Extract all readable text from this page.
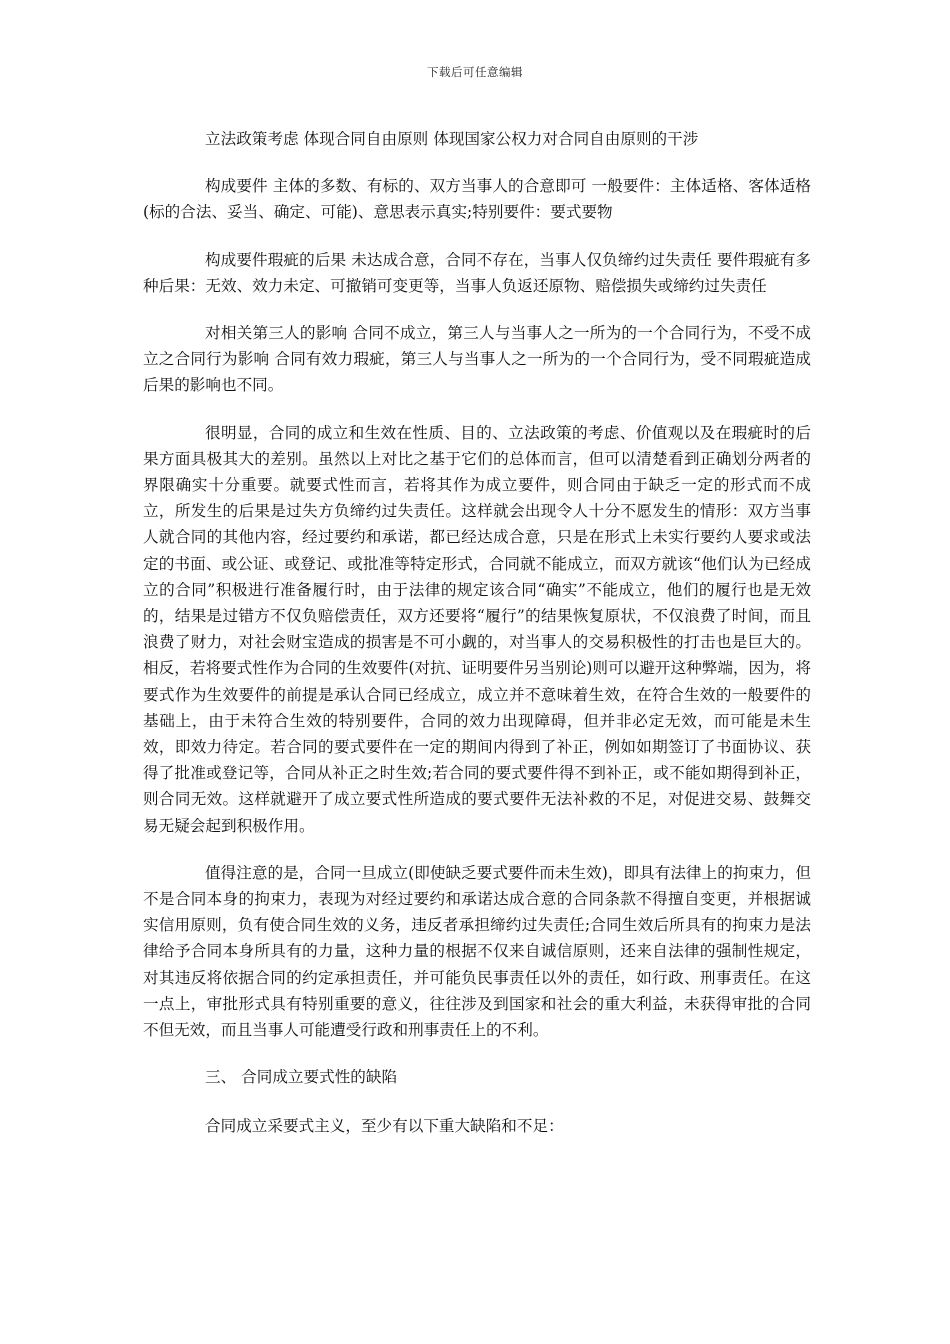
下载后可任意编辑

立法政策考虑 体现合同自由原则 体现国家公权力对合同自由原则的干涉

构成要件 主体的多数、有标的、双方当事人的合意即可 一般要件：主体适格、客体适格(标的合法、妥当、确定、可能)、意思表示真实;特别要件：要式要物

构成要件瑕疵的后果 未达成合意，合同不存在，当事人仅负缔约过失责任 要件瑕疵有多种后果：无效、效力未定、可撤销可变更等，当事人负返还原物、赔偿损失或缔约过失责任

对相关第三人的影响 合同不成立，第三人与当事人之一所为的一个合同行为，不受不成立之合同行为影响 合同有效力瑕疵，第三人与当事人之一所为的一个合同行为，受不同瑕疵造成后果的影响也不同。

很明显，合同的成立和生效在性质、目的、立法政策的考虑、价值观以及在瑕疵时的后果方面具极其大的差别。虽然以上对比之基于它们的总体而言，但可以清楚看到正确划分两者的界限确实十分重要。就要式性而言，若将其作为成立要件，则合同由于缺乏一定的形式而不成立，所发生的后果是过失方负缔约过失责任。这样就会出现令人十分不愿发生的情形：双方当事人就合同的其他内容，经过要约和承诺，都已经达成合意，只是在形式上未实行要约人要求或法定的书面、或公证、或登记、或批准等特定形式，合同就不能成立，而双方就该“他们认为已经成立的合同”积极进行准备履行时，由于法律的规定该合同“确实”不能成立，他们的履行也是无效的，结果是过错方不仅负赔偿责任，双方还要将“履行”的结果恢复原状，不仅浪费了时间，而且浪费了财力，对社会财宝造成的损害是不可小觑的，对当事人的交易积极性的打击也是巨大的。相反，若将要式性作为合同的生效要件(对抗、证明要件另当别论)则可以避开这种弊端，因为，将要式作为生效要件的前提是承认合同已经成立，成立并不意味着生效，在符合生效的一般要件的基础上，由于未符合生效的特别要件，合同的效力出现障碍，但并非必定无效，而可能是未生效，即效力待定。若合同的要式要件在一定的期间内得到了补正，例如如期签订了书面协议、获得了批准或登记等，合同从补正之时生效;若合同的要式要件得不到补正，或不能如期得到补正，则合同无效。这样就避开了成立要式性所造成的要式要件无法补救的不足，对促进交易、鼓舞交易无疑会起到积极作用。

值得注意的是，合同一旦成立(即使缺乏要式要件而未生效)，即具有法律上的拘束力，但不是合同本身的拘束力，表现为对经过要约和承诺达成合意的合同条款不得擅自变更，并根据诚实信用原则，负有使合同生效的义务，违反者承担缔约过失责任;合同生效后所具有的拘束力是法律给予合同本身所具有的力量，这种力量的根据不仅来自诚信原则，还来自法律的强制性规定，对其违反将依据合同的约定承担责任，并可能负民事责任以外的责任，如行政、刑事责任。在这一点上，审批形式具有特别重要的意义，往往涉及到国家和社会的重大利益，未获得审批的合同不但无效，而且当事人可能遭受行政和刑事责任上的不利。

三、 合同成立要式性的缺陷

合同成立采要式主义，至少有以下重大缺陷和不足：
